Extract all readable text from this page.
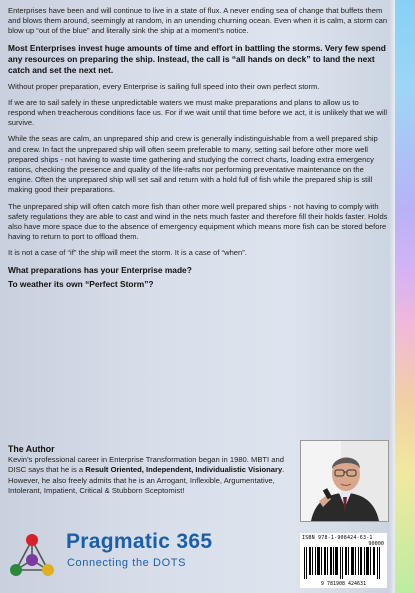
Enterprises have been and will continue to live in a state of flux. A never ending sea of change that buffets them and blows them around, seemingly at random, in an unending churning ocean. Even when it is calm, a storm can blow up “out of the blue” and literally sink the ship at a moment’s notice.

Most Enterprises invest huge amounts of time and effort in battling the storms. Very few spend any resources on preparing the ship. Instead, the call is “all hands on deck” to land the next catch and set the next net.

Without proper preparation, every Enterprise is sailing full speed into their own perfect storm.

If we are to sail safely in these unpredictable waters we must make preparations and plans to allow us to respond when treacherous conditions face us. For if we wait until that time before we act, it is unlikely that we will survive.

While the seas are calm, an unprepared ship and crew is generally indistinguishable from a well prepared ship and crew. In fact the unprepared ship will often seem preferable to many, setting sail before other more well prepared ships - not having to waste time gathering and studying the correct charts, loading extra emergency rations, checking the presence and quality of the life-rafts nor performing preventative maintenance on the engine. Often the unprepared ship will set sail and return with a hold full of fish while the prepared ship is still making good their preparations.

The unprepared ship will often catch more fish than other more well prepared ships - not having to comply with safety regulations they are able to cast and wind in the nets much faster and therefore fill their holds faster. Holds also have more space due to the absence of emergency equipment which means more fish can be stored before having to return to port to offload them.

It is not a case of “if” the ship will meet the storm. It is a case of “when”.

What preparations has your Enterprise made?

To weather its own “Perfect Storm”?

The Author
Kevin’s professional career in Enterprise Transformation began in 1980. MBTI and DISC says that he is a Result Oriented, Independent, Individualistic Visionary. However, he also freely admits that he is an Arrogant, Inflexible, Argumentative, Intolerant, Impatient, Critical & Stubborn Sceptomist!
ISBN 978-1-908424-63-1
90000
9 781908 424631
Pragmatic 365
Connecting the DOTS
